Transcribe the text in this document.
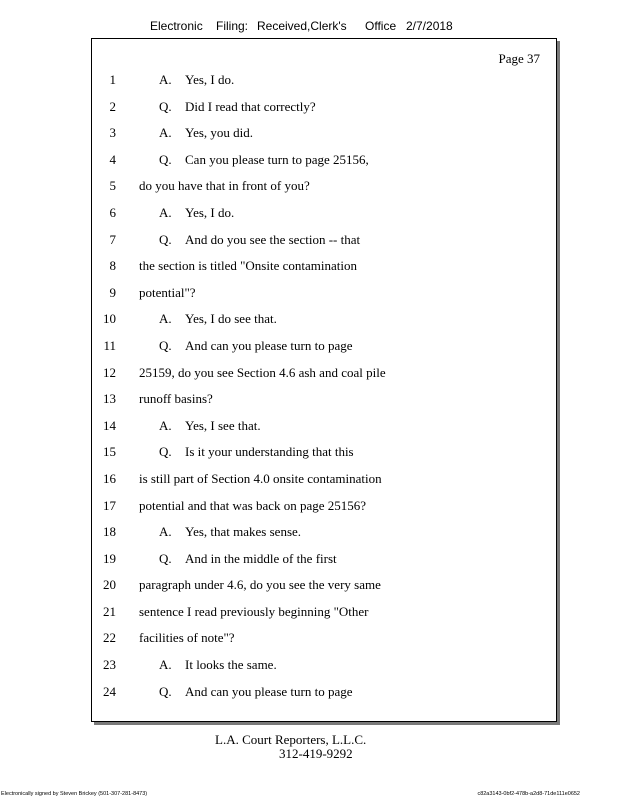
Electronic Filing: Received,Clerk's Office 2/7/2018
Page 37
1	A. Yes, I do.
2	Q. Did I read that correctly?
3	A. Yes, you did.
4	Q. Can you please turn to page 25156,
5 do you have that in front of you?
6	A. Yes, I do.
7	Q. And do you see the section -- that
8 the section is titled "Onsite contamination
9 potential"?
10	A. Yes, I do see that.
11	Q. And can you please turn to page
12 25159, do you see Section 4.6 ash and coal pile
13 runoff basins?
14	A. Yes, I see that.
15	Q. Is it your understanding that this
16 is still part of Section 4.0 onsite contamination
17 potential and that was back on page 25156?
18	A. Yes, that makes sense.
19	Q. And in the middle of the first
20 paragraph under 4.6, do you see the very same
21 sentence I read previously beginning "Other
22 facilities of note"?
23	A. It looks the same.
24	Q. And can you please turn to page
L.A. Court Reporters, L.L.C.
312-419-9292
Electronically signed by Steven Brickey (501-307-281-8473)	c82a3143-0bf2-478b-a2d8-71de111e0652
